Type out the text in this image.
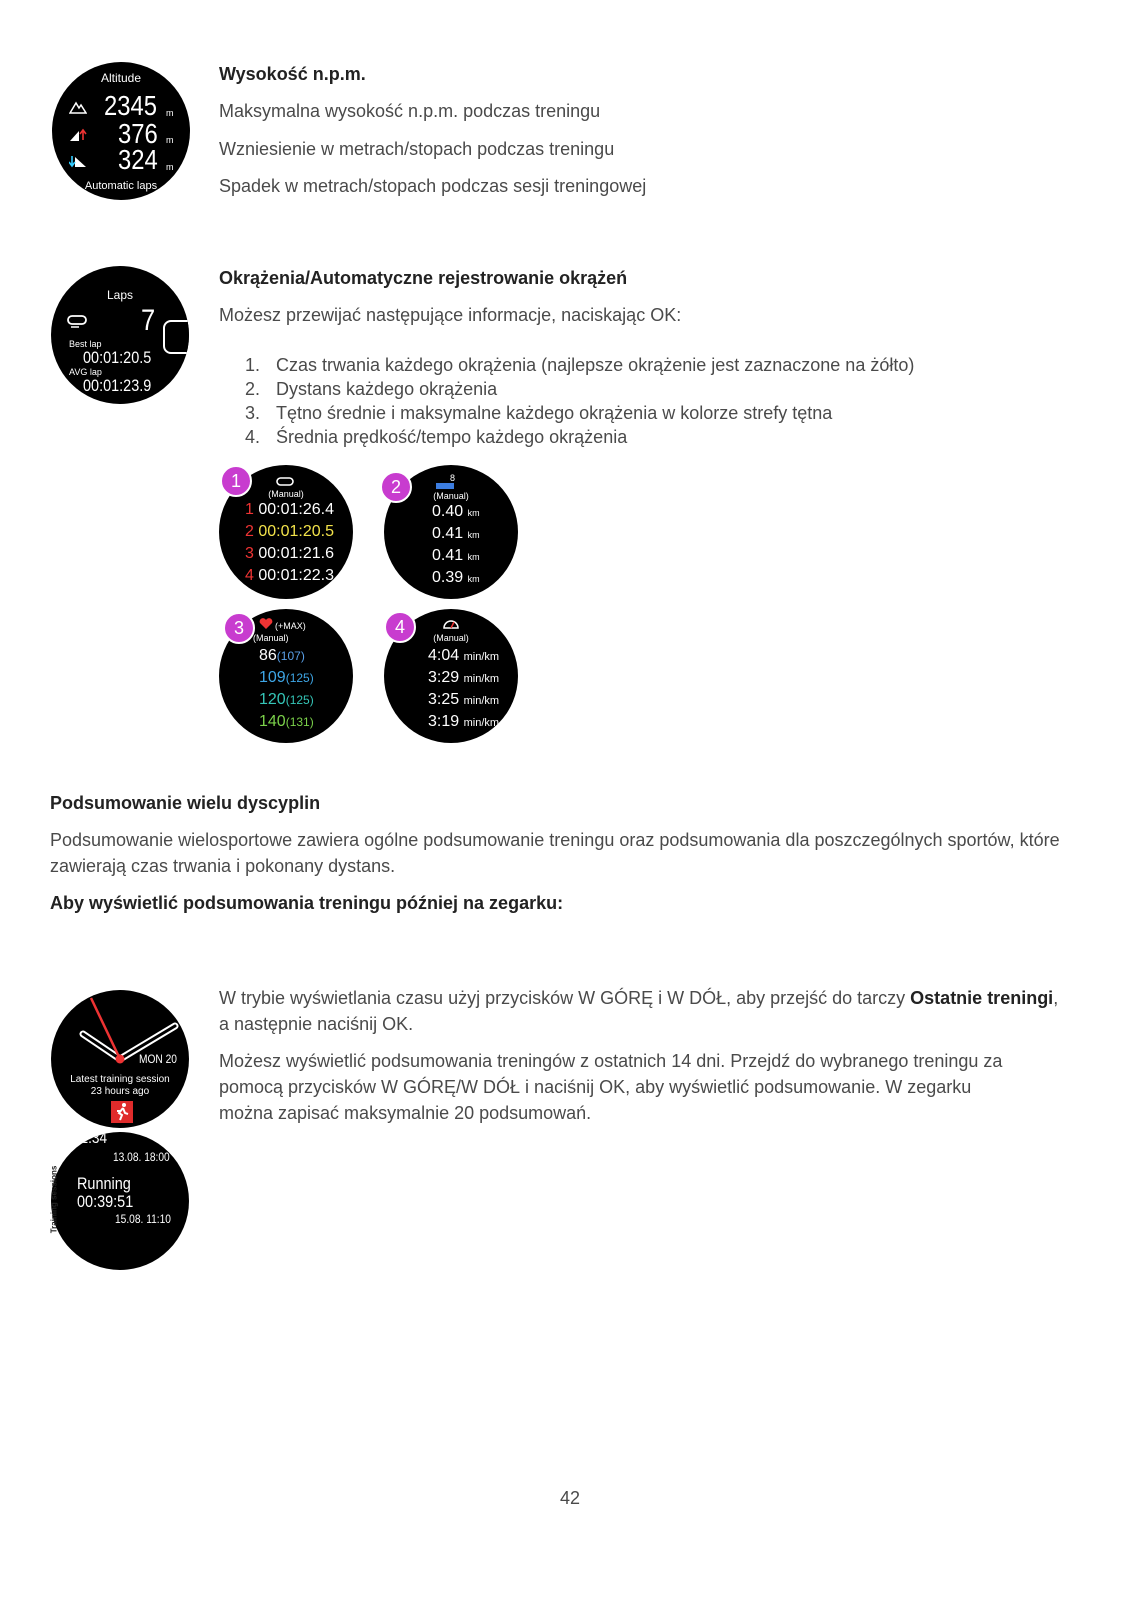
Altitude
2345 m
376 m
324 m
Automatic laps
Wysokość n.p.m.
Maksymalna wysokość n.p.m. podczas treningu
Wzniesienie w metrach/stopach podczas treningu
Spadek w metrach/stopach podczas sesji treningowej
Laps
7
Best lap
00:01:20.5
AVG lap
00:01:23.9
Okrążenia/Automatyczne rejestrowanie okrążeń
Możesz przewijać następujące informacje, naciskając OK:
1. Czas trwania każdego okrążenia (najlepsze okrążenie jest zaznaczone na żółto)
2. Dystans każdego okrążenia
3. Tętno średnie i maksymalne każdego okrążenia w kolorze strefy tętna
4. Średnia prędkość/tempo każdego okrążenia
(Manual)
1 00:01:26.4
2 00:01:20.5
3 00:01:21.6
4 00:01:22.3
1	8
(Manual)
0.40 km
0.41 km
0.41 km
0.39 km
2
(+MAX)
(Manual)
86(107)
109(125)
120(125)
140(131)
3	(Manual)
4:04 min/km
3:29 min/km
3:25 min/km
3:19 min/km
4
Podsumowanie wielu dyscyplin
Podsumowanie wielosportowe zawiera ogólne podsumowanie treningu oraz podsumowania dla poszczególnych sportów, które zawierają czas trwania i pokonany dystans.
Aby wyświetlić podsumowania treningu później na zegarku:
MON 20
Latest training session
23 hours ago
52:34
13.08. 18:00
Running
00:39:51
15.08. 11:10
Training sessions
W trybie wyświetlania czasu użyj przycisków W GÓRĘ i W DÓŁ, aby przejść do tarczy Ostatnie treningi, a następnie naciśnij OK.
Możesz wyświetlić podsumowania treningów z ostatnich 14 dni. Przejdź do wybranego treningu za pomocą przycisków W GÓRĘ/W DÓŁ i naciśnij OK, aby wyświetlić podsumowanie. W zegarku można zapisać maksymalnie 20 podsumowań.
42
